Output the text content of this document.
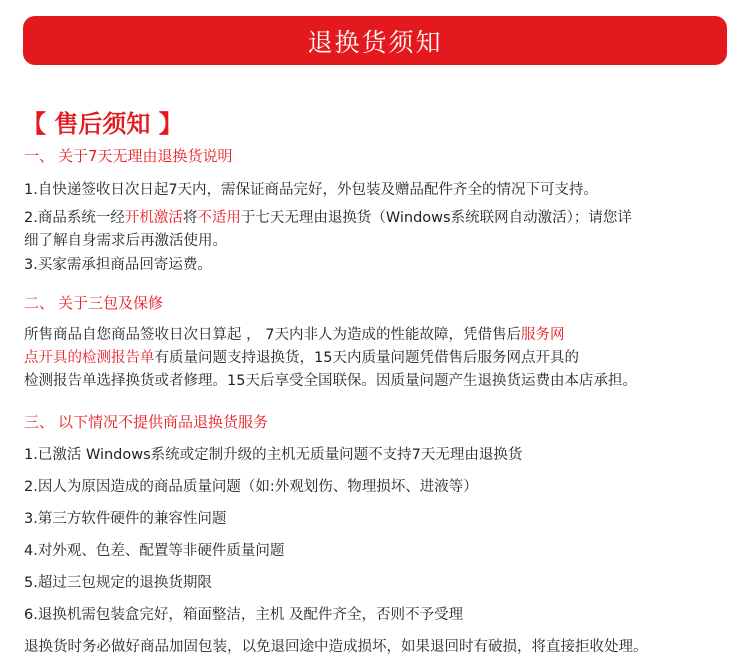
退换货须知
【 售后须知 】
一、 关于7天无理由退换货说明
1.自快递签收日次日起7天内，需保证商品完好，外包装及赠品配件齐全的情况下可支持。
2.商品系统一经开机激活将不适用于七天无理由退换货（Windows系统联网自动激活）；请您详
细了解自身需求后再激活使用。
3.买家需承担商品回寄运费。
二、 关于三包及保修
所售商品自您商品签收日次日算起 ， 7天内非人为造成的性能故障，凭借售后服务网
点开具的检测报告单有质量问题支持退换货，15天内质量问题凭借售后服务网点开具的
检测报告单选择换货或者修理。15天后享受全国联保。因质量问题产生退换货运费由本店承担。
三、 以下情况不提供商品退换货服务
1.已激活 Windows系统或定制升级的主机无质量问题不支持7天无理由退换货
2.因人为原因造成的商品质量问题（如:外观划伤、物理损坏、进液等）
3.第三方软件硬件的兼容性问题
4.对外观、色差、配置等非硬件质量问题
5.超过三包规定的退换货期限
6.退换机需包装盒完好，箱面整洁，主机 及配件齐全，否则不予受理
退换货时务必做好商品加固包装，以免退回途中造成损坏，如果退回时有破损，将直接拒收处理。
